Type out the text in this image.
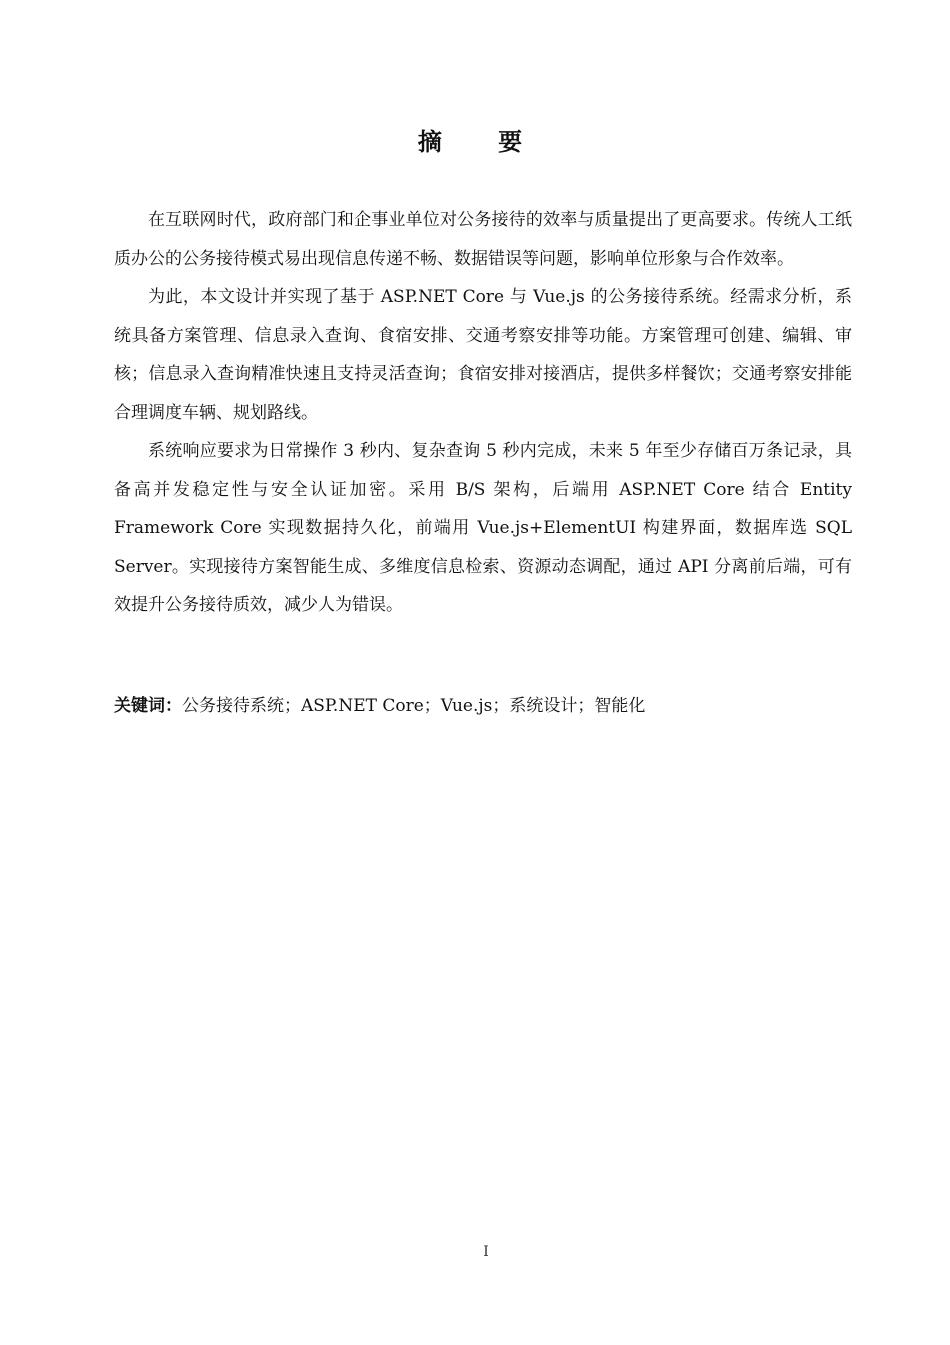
摘 要

在互联网时代，政府部门和企事业单位对公务接待的效率与质量提出了更高要求。传统人工纸质办公的公务接待模式易出现信息传递不畅、数据错误等问题，影响单位形象与合作效率。

为此，本文设计并实现了基于 ASP.NET Core 与 Vue.js 的公务接待系统。经需求分析，系统具备方案管理、信息录入查询、食宿安排、交通考察安排等功能。方案管理可创建、编辑、审核；信息录入查询精准快速且支持灵活查询；食宿安排对接酒店，提供多样餐饮；交通考察安排能合理调度车辆、规划路线。

系统响应要求为日常操作 3 秒内、复杂查询 5 秒内完成，未来 5 年至少存储百万条记录，具备高并发稳定性与安全认证加密。采用 B/S 架构，后端用 ASP.NET Core 结合 Entity Framework Core 实现数据持久化，前端用 Vue.js+ElementUI 构建界面，数据库选 SQL Server。实现接待方案智能生成、多维度信息检索、资源动态调配，通过 API 分离前后端，可有效提升公务接待质效，减少人为错误。

关键词：公务接待系统；ASP.NET Core；Vue.js；系统设计；智能化
I
